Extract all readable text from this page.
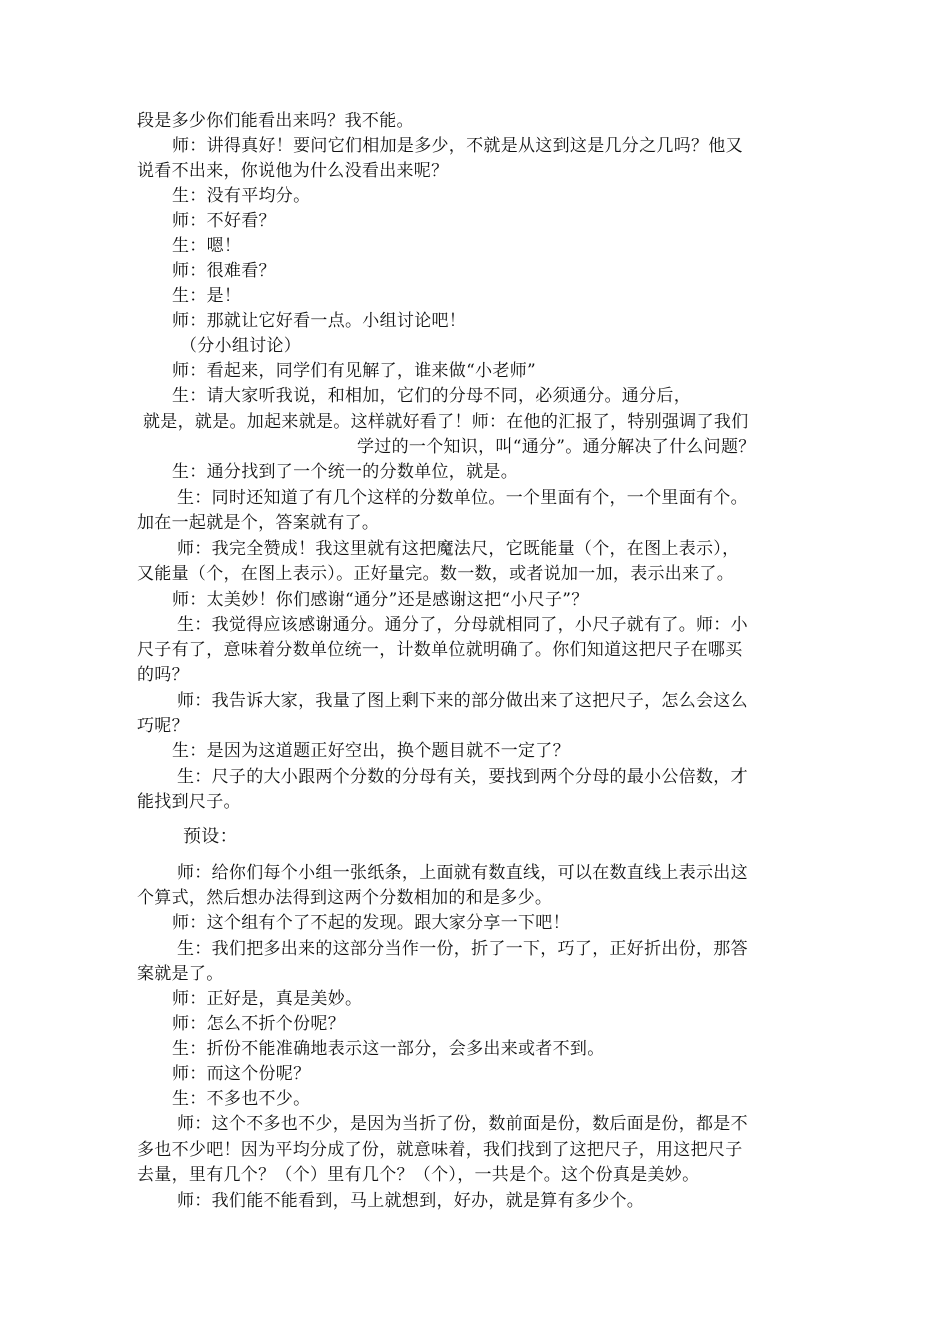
段是多少你们能看出来吗？我不能。
师：讲得真好！要问它们相加是多少，不就是从这到这是几分之几吗？他又
说看不出来，你说他为什么没看出来呢？
生：没有平均分。
师：不好看？
生：嗯！
师：很难看？
生：是！
师：那就让它好看一点。小组讨论吧！
（分小组讨论）
师：看起来，同学们有见解了，谁来做“小老师”
生：请大家听我说，和相加，它们的分母不同，必须通分。通分后，
就是，就是。加起来就是。这样就好看了！师：在他的汇报了，特别强调了我们
学过的一个知识，叫“通分”。通分解决了什么问题？
生：通分找到了一个统一的分数单位，就是。
生：同时还知道了有几个这样的分数单位。一个里面有个，一个里面有个。
加在一起就是个，答案就有了。
师：我完全赞成！我这里就有这把魔法尺，它既能量（个，在图上表示），
又能量（个，在图上表示）。正好量完。数一数，或者说加一加，表示出来了。
师：太美妙！你们感谢“通分”还是感谢这把“小尺子”？
生：我觉得应该感谢通分。通分了，分母就相同了，小尺子就有了。师：小
尺子有了，意味着分数单位统一，计数单位就明确了。你们知道这把尺子在哪买
的吗？
师：我告诉大家，我量了图上剩下来的部分做出来了这把尺子，怎么会这么
巧呢？
生：是因为这道题正好空出，换个题目就不一定了？
生：尺子的大小跟两个分数的分母有关，要找到两个分母的最小公倍数，才
能找到尺子。
预设：
师：给你们每个小组一张纸条，上面就有数直线，可以在数直线上表示出这
个算式，然后想办法得到这两个分数相加的和是多少。
师：这个组有个了不起的发现。跟大家分享一下吧！
生：我们把多出来的这部分当作一份，折了一下，巧了，正好折出份，那答
案就是了。
师：正好是，真是美妙。
师：怎么不折个份呢？
生：折份不能准确地表示这一部分，会多出来或者不到。
师：而这个份呢？
生：不多也不少。
师：这个不多也不少，是因为当折了份，数前面是份，数后面是份，都是不
多也不少吧！因为平均分成了份，就意味着，我们找到了这把尺子，用这把尺子
去量，里有几个？（个）里有几个？（个），一共是个。这个份真是美妙。
师：我们能不能看到，马上就想到，好办，就是算有多少个。
